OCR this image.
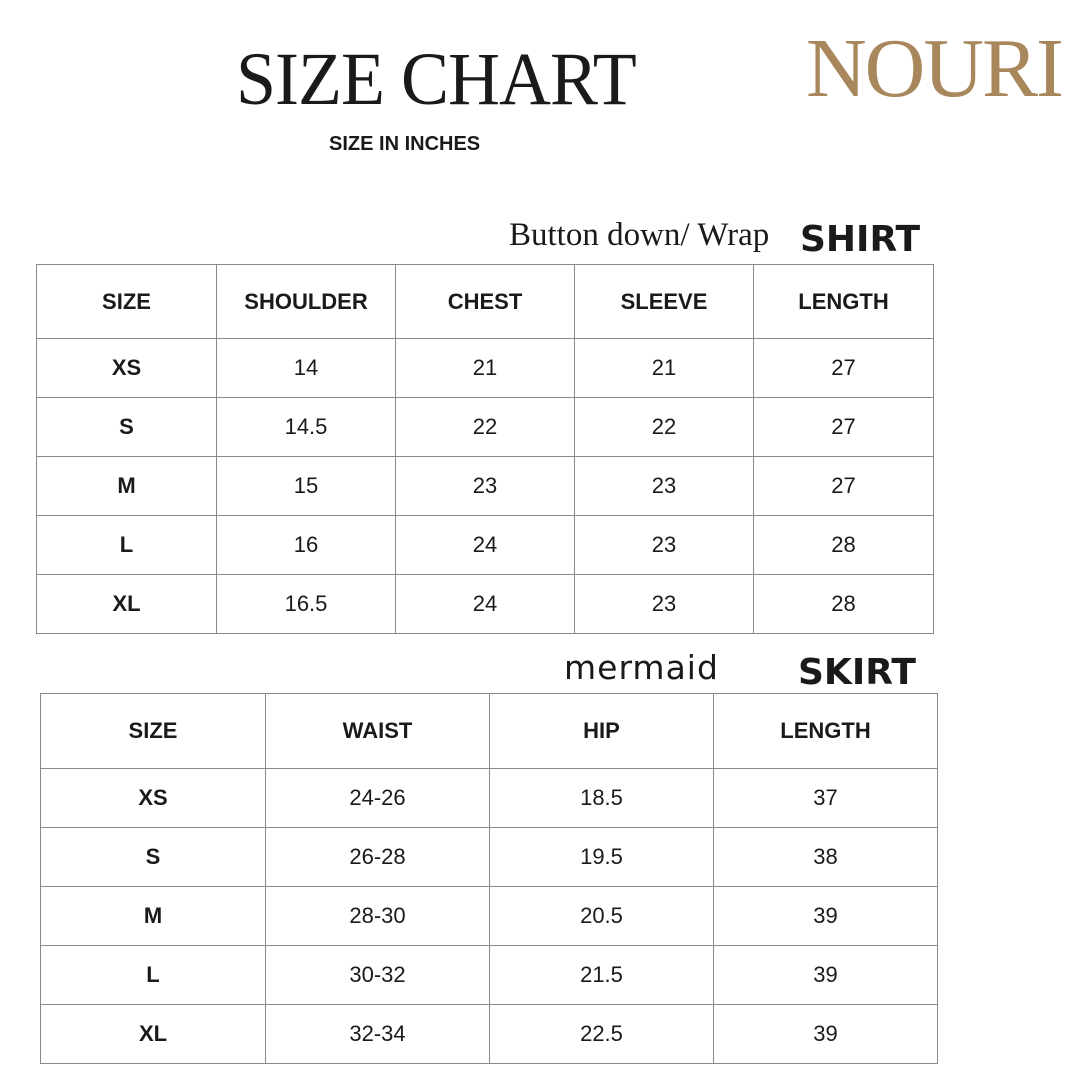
SIZE CHART
SIZE IN INCHES
NOURI
Button down/ Wrap SHIRT
SIZE	SHOULDER	CHEST	SLEEVE	LENGTH
XS	14	21	21	27
S	14.5	22	22	27
M	15	23	23	27
L	16	24	23	28
XL	16.5	24	23	28
mermaid SKIRT
SIZE	WAIST	HIP	LENGTH
XS	24-26	18.5	37
S	26-28	19.5	38
M	28-30	20.5	39
L	30-32	21.5	39
XL	32-34	22.5	39
